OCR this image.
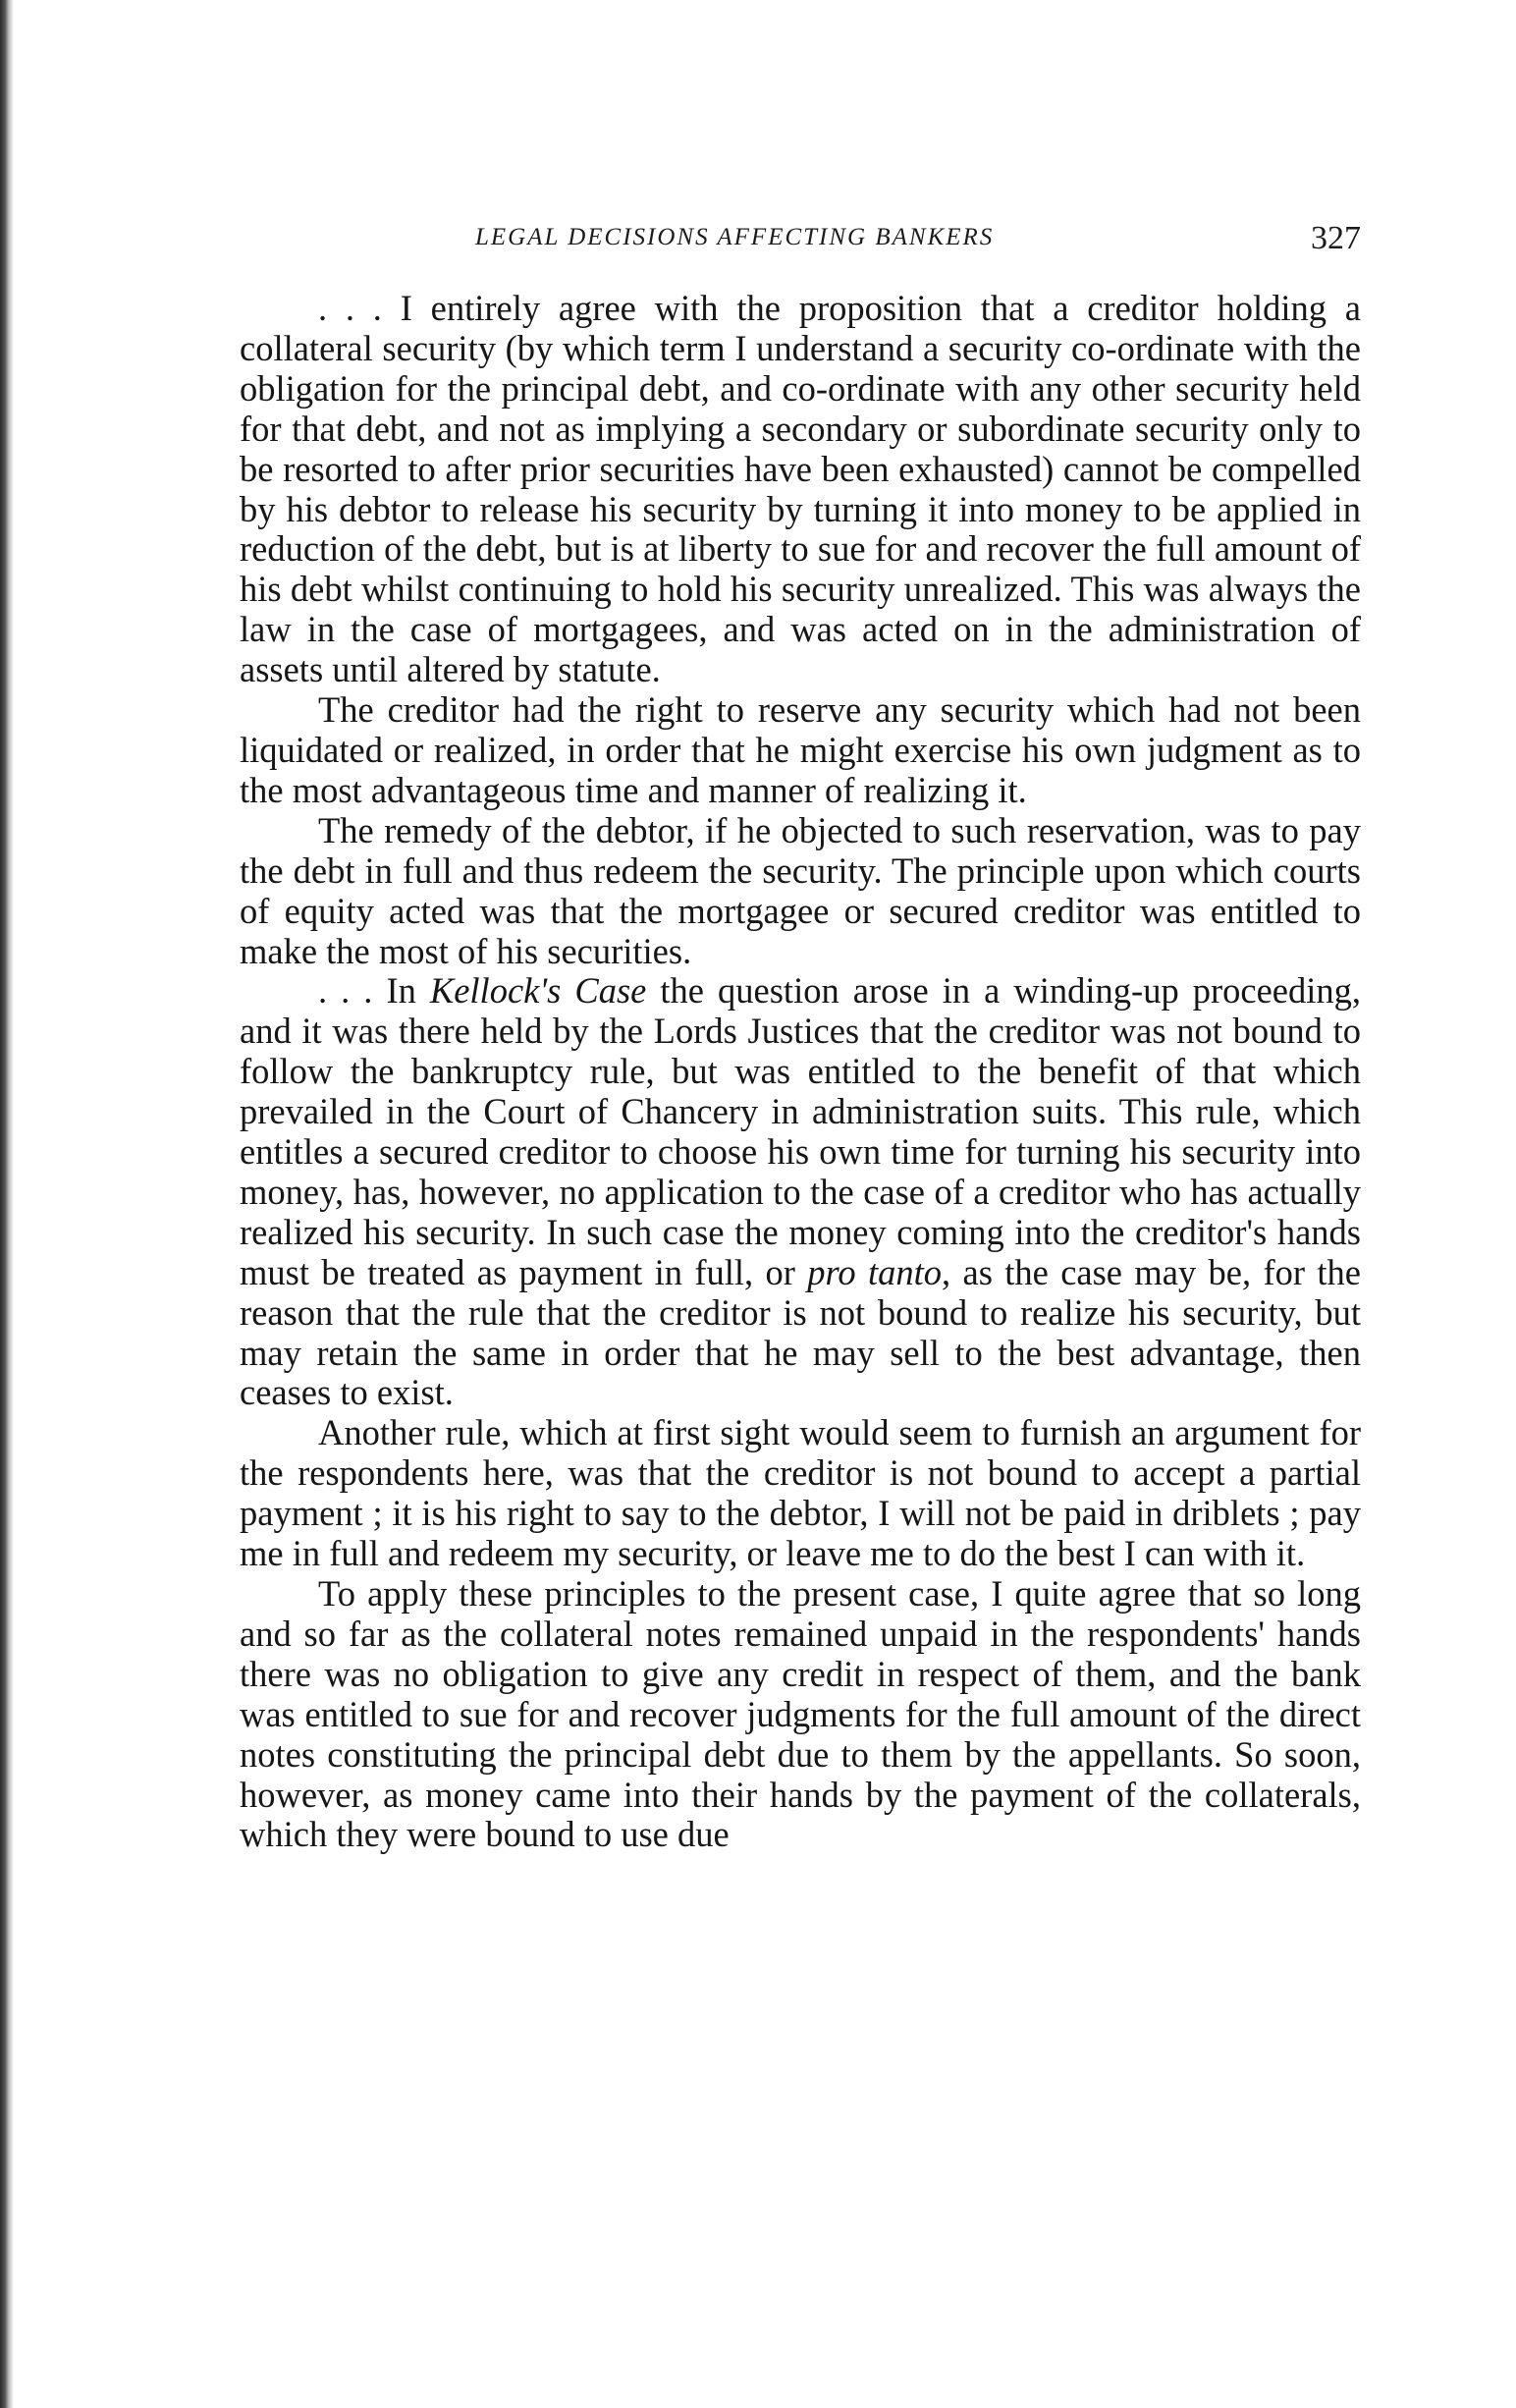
LEGAL DECISIONS AFFECTING BANKERS	327

. . . I entirely agree with the proposition that a creditor holding a collateral security (by which term I understand a security co-ordinate with the obligation for the principal debt, and co-ordinate with any other security held for that debt, and not as implying a secondary or subordinate security only to be resorted to after prior securities have been exhausted) cannot be compelled by his debtor to release his security by turning it into money to be applied in reduction of the debt, but is at liberty to sue for and recover the full amount of his debt whilst continuing to hold his security unrealized. This was always the law in the case of mortgagees, and was acted on in the administration of assets until altered by statute.

The creditor had the right to reserve any security which had not been liquidated or realized, in order that he might exercise his own judgment as to the most advantageous time and manner of realizing it.

The remedy of the debtor, if he objected to such reservation, was to pay the debt in full and thus redeem the security. The principle upon which courts of equity acted was that the mortgagee or secured creditor was entitled to make the most of his securities.

. . . In Kellock's Case the question arose in a winding-up proceeding, and it was there held by the Lords Justices that the creditor was not bound to follow the bankruptcy rule, but was entitled to the benefit of that which prevailed in the Court of Chancery in administration suits. This rule, which entitles a secured creditor to choose his own time for turning his security into money, has, however, no application to the case of a creditor who has actually realized his security. In such case the money coming into the creditor's hands must be treated as payment in full, or pro tanto, as the case may be, for the reason that the rule that the creditor is not bound to realize his security, but may retain the same in order that he may sell to the best advantage, then ceases to exist.

Another rule, which at first sight would seem to furnish an argument for the respondents here, was that the creditor is not bound to accept a partial payment ; it is his right to say to the debtor, I will not be paid in driblets ; pay me in full and redeem my security, or leave me to do the best I can with it.

To apply these principles to the present case, I quite agree that so long and so far as the collateral notes remained unpaid in the respondents' hands there was no obligation to give any credit in respect of them, and the bank was entitled to sue for and recover judgments for the full amount of the direct notes constituting the principal debt due to them by the appellants. So soon, however, as money came into their hands by the payment of the collaterals, which they were bound to use due
